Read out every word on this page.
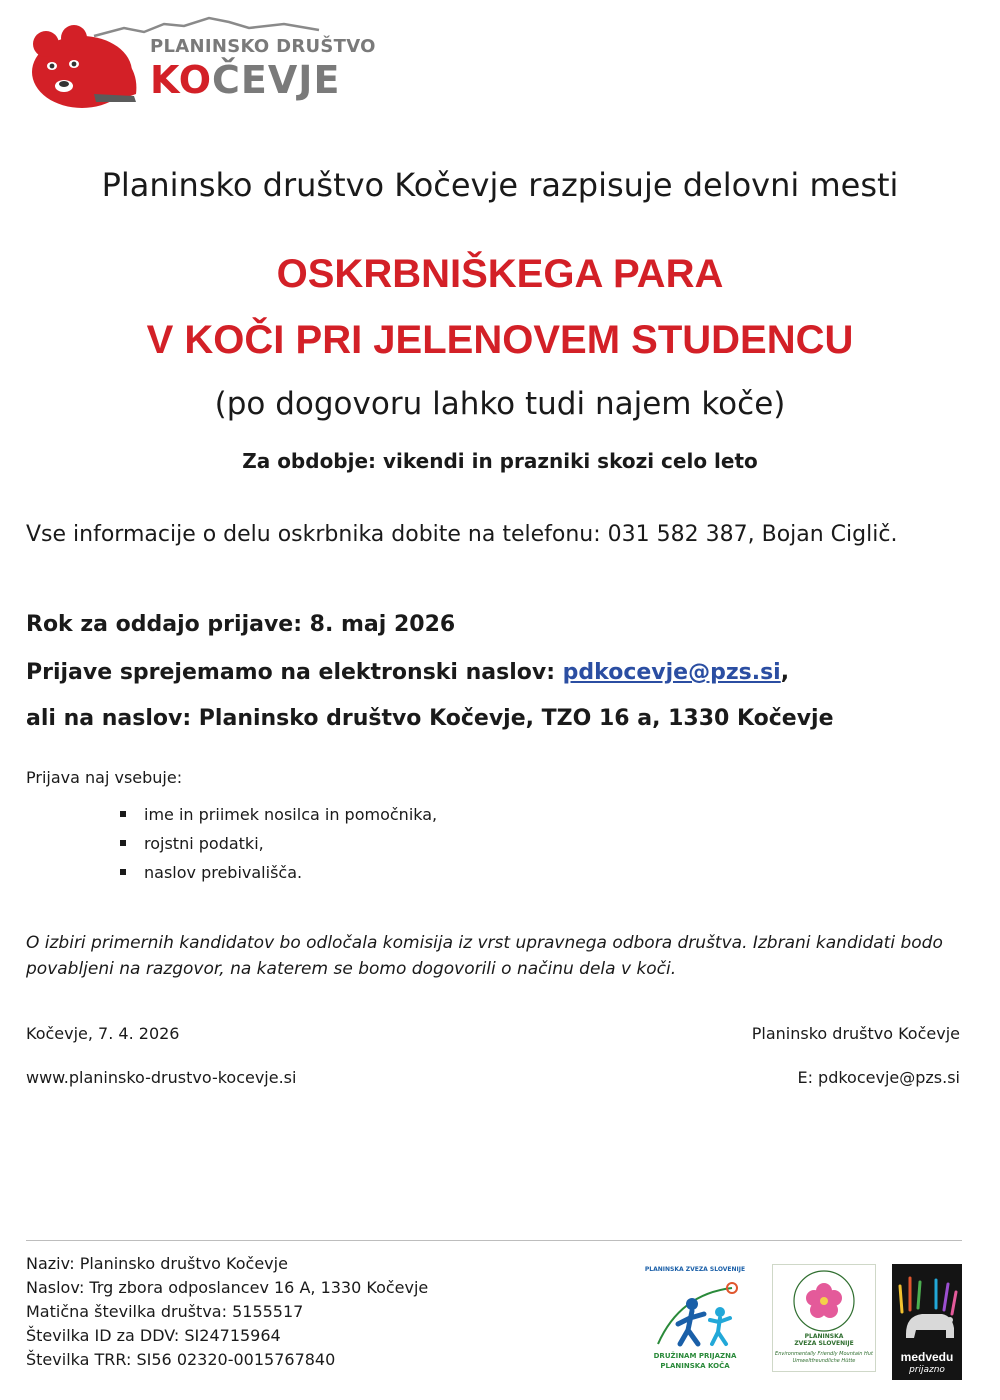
PLANINSKO DRUŠTVO
KOČEVJE
Planinsko društvo Kočevje razpisuje delovni mesti
OSKRBNIŠKEGA PARA
V KOČI PRI JELENOVEM STUDENCU
(po dogovoru lahko tudi najem koče)
Za obdobje: vikendi in prazniki skozi celo leto
Vse informacije o delu oskrbnika dobite na telefonu: 031 582 387, Bojan Ciglič.
Rok za oddajo prijave: 8. maj 2026
Prijave sprejemamo na elektronski naslov: pdkocevje@pzs.si,
ali na naslov: Planinsko društvo Kočevje, TZO 16 a, 1330 Kočevje
Prijava naj vsebuje:
ime in priimek nosilca in pomočnika,
rojstni podatki,
naslov prebivališča.
O izbiri primernih kandidatov bo odločala komisija iz vrst upravnega odbora društva. Izbrani kandidati bodo povabljeni na razgovor, na katerem se bomo dogovorili o načinu dela v koči.
Kočevje, 7. 4. 2026	Planinsko društvo Kočevje
www.planinsko-drustvo-kocevje.si	E: pdkocevje@pzs.si
Naziv: Planinsko društvo Kočevje
Naslov: Trg zbora odposlancev 16 A, 1330 Kočevje
Matična številka društva: 5155517
Številka ID za DDV: SI24715964
Številka TRR: SI56 02320-0015767840
PLANINSKA ZVEZA SLOVENIJE
DRUŽINAM PRIJAZNA
PLANINSKA KOČA
PLANINSKA
ZVEZA SLOVENIJE
Environmentally Friendly Mountain Hut
Umweltfreundliche Hütte	medvedu
prijazno
